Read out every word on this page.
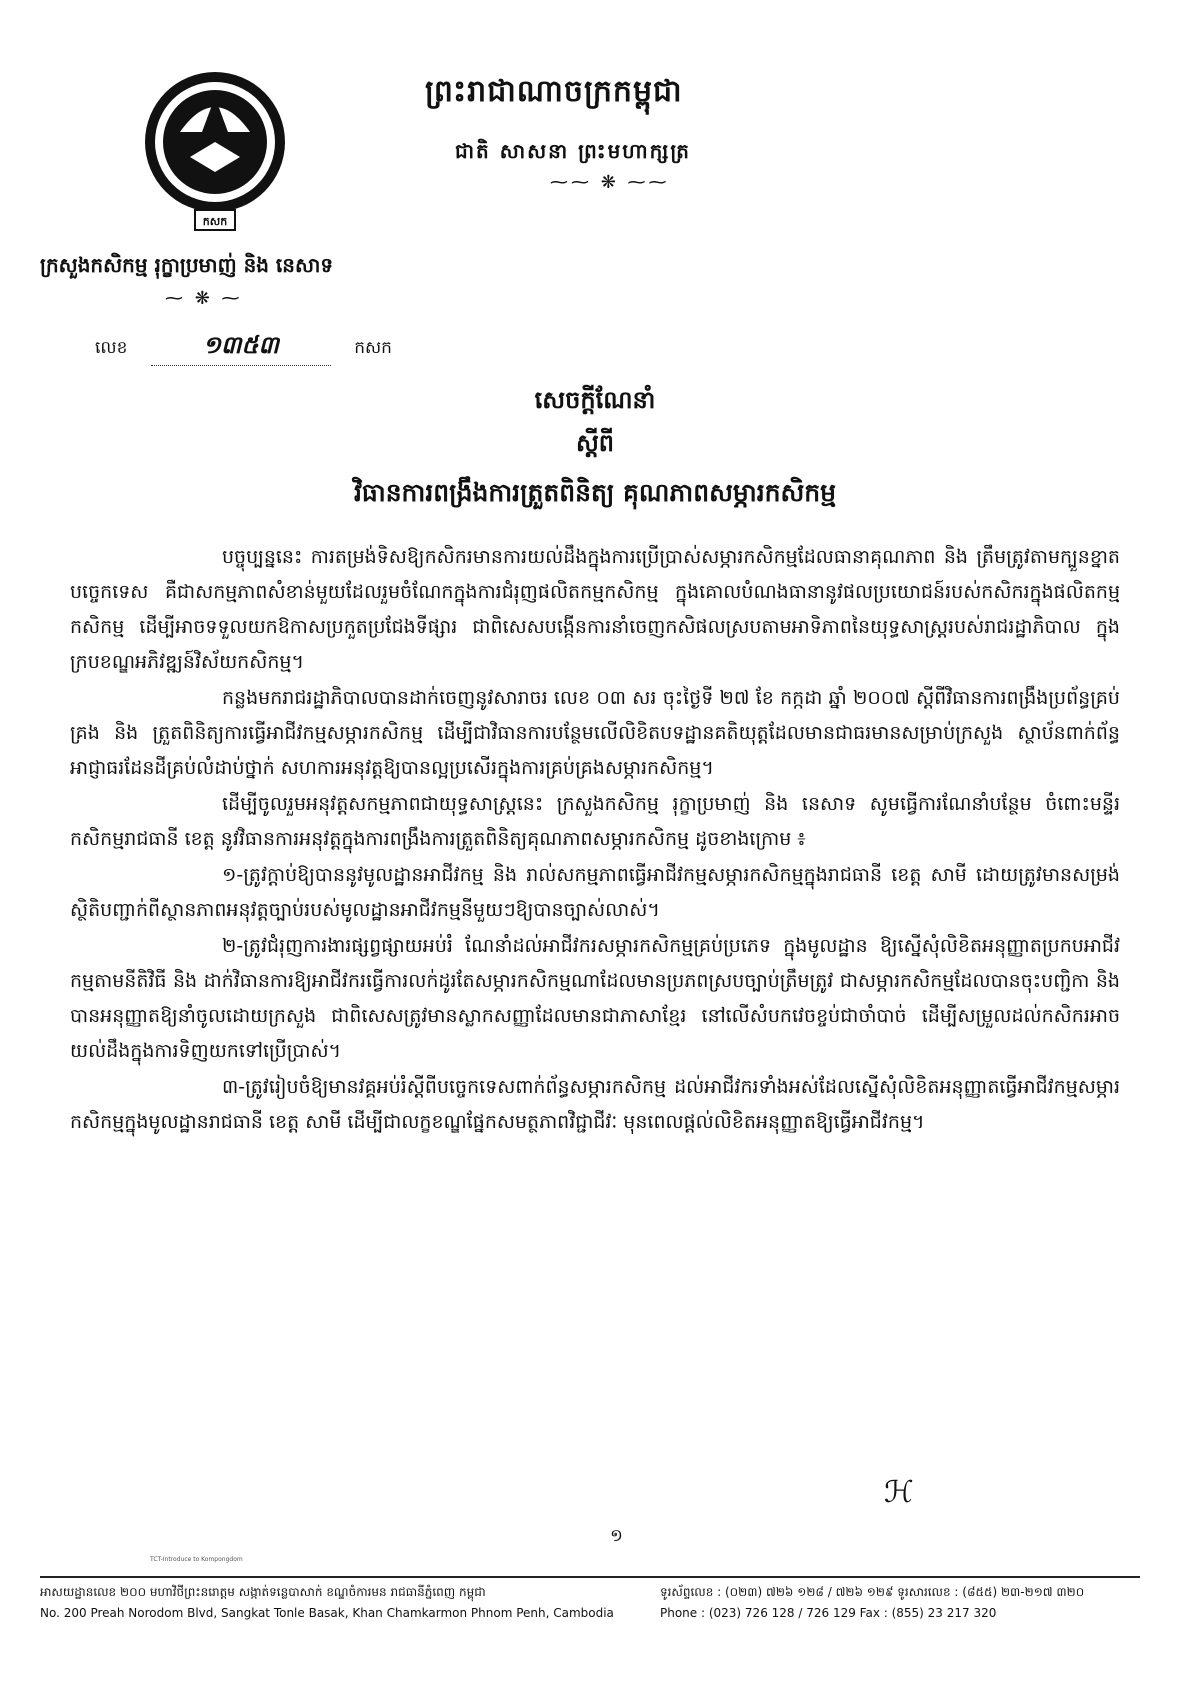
កសក
ព្រះរាជាណាចក្រកម្ពុជា
ជាតិ សាសនា ព្រះមហាក្សត្រ
⁓⁓ ❋ ⁓⁓
ក្រសួងកសិកម្ម រុក្ខាប្រមាញ់ និង នេសាទ
⁓ ❋ ⁓
លេខ	១៣៥៣	កសក
សេចក្តីណែនាំ
ស្តីពី
វិធានការពង្រឹងការត្រួតពិនិត្យ គុណភាពសម្ភារកសិកម្ម

បច្ចុប្បន្ននេះ ការតម្រង់ទិសឱ្យកសិករមានការយល់ដឹងក្នុងការប្រើប្រាស់សម្ភារកសិកម្មដែលធានាគុណភាព និង ត្រឹមត្រូវតាមក្បួនខ្នាតបច្ចេកទេស គឺជាសកម្មភាពសំខាន់មួយដែលរួមចំណែកក្នុងការជំរុញផលិតកម្មកសិកម្ម ក្នុងគោលបំណងធានានូវផលប្រយោជន៍របស់កសិករក្នុងផលិតកម្មកសិកម្ម ដើម្បីអាចទទួលយកឱកាសប្រកួតប្រជែងទីផ្សារ ជាពិសេសបង្កើនការនាំចេញកសិផលស្របតាមអាទិភាពនៃយុទ្ធសាស្ត្ររបស់រាជរដ្ឋាភិបាល ក្នុងក្របខណ្ឌអភិវឌ្ឍន៍វិស័យកសិកម្ម។

កន្លងមករាជរដ្ឋាភិបាលបានដាក់ចេញនូវសារាចរ លេខ ០៣ សរ ចុះថ្ងៃទី ២៧ ខែ កក្កដា ឆ្នាំ ២០០៧ ស្តីពីវិធានការពង្រឹងប្រព័ន្ធគ្រប់គ្រង និង ត្រួតពិនិត្យការធ្វើអាជីវកម្មសម្ភារកសិកម្ម ដើម្បីជាវិធានការបន្ថែមលើលិខិតបទដ្ឋានគតិយុត្តដែលមានជាធរមានសម្រាប់ក្រសួង ស្ថាប័នពាក់ព័ន្ធ អាជ្ញាធរដែនដីគ្រប់លំដាប់ថ្នាក់ សហការអនុវត្តឱ្យបានល្អប្រសើរក្នុងការគ្រប់គ្រងសម្ភារកសិកម្ម។

ដើម្បីចូលរួមអនុវត្តសកម្មភាពជាយុទ្ធសាស្ត្រនេះ ក្រសួងកសិកម្ម រុក្ខាប្រមាញ់ និង នេសាទ សូមធ្វើការណែនាំបន្ថែម ចំពោះមន្ទីរកសិកម្មរាជធានី ខេត្ត នូវវិធានការអនុវត្តក្នុងការពង្រឹងការត្រួតពិនិត្យគុណភាពសម្ភារកសិកម្ម ដូចខាងក្រោម ៖

១-ត្រូវក្តាប់ឱ្យបាននូវមូលដ្ឋានអាជីវកម្ម និង រាល់សកម្មភាពធ្វើអាជីវកម្មសម្ភារកសិកម្មក្នុងរាជធានី ខេត្ត សាមី ដោយត្រូវមានសម្រង់ស្ថិតិបញ្ជាក់ពីស្ថានភាពអនុវត្តច្បាប់របស់មូលដ្ឋានអាជីវកម្មនីមួយៗឱ្យបានច្បាស់លាស់។

២-ត្រូវជំរុញការងារផ្សព្វផ្សាយអប់រំ ណែនាំដល់អាជីវករសម្ភារកសិកម្មគ្រប់ប្រភេទ ក្នុងមូលដ្ឋាន ឱ្យស្នើសុំលិខិតអនុញ្ញាតប្រកបអាជីវកម្មតាមនីតិវិធី និង ដាក់វិធានការឱ្យអាជីវករធ្វើការលក់ដូរតែសម្ភារកសិកម្មណាដែលមានប្រភពស្របច្បាប់ត្រឹមត្រូវ ជាសម្ភារកសិកម្មដែលបានចុះបញ្ជិកា និង បានអនុញ្ញាតឱ្យនាំចូលដោយក្រសួង ជាពិសេសត្រូវមានស្លាកសញ្ញាដែលមានជាភាសាខ្មែរ នៅលើសំបកវេចខ្ចប់ជាចាំបាច់ ដើម្បីសម្រួលដល់កសិករអាចយល់ដឹងក្នុងការទិញយកទៅប្រើប្រាស់។

៣-ត្រូវរៀបចំឱ្យមានវគ្គអប់រំស្តីពីបច្ចេកទេសពាក់ព័ន្ធសម្ភារកសិកម្ម ដល់អាជីវករទាំងអស់ដែលស្នើសុំលិខិតអនុញ្ញាតធ្វើអាជីវកម្មសម្ភារកសិកម្មក្នុងមូលដ្ឋានរាជធានី ខេត្ត សាមី ដើម្បីជាលក្ខខណ្ឌផ្នែកសមត្ថភាពវិជ្ជាជីវៈ មុនពេលផ្តល់លិខិតអនុញ្ញាតឱ្យធ្វើអាជីវកម្ម។

ℋ
TCT-Introduce to Kompongdom
១
អាសយដ្ឋានលេខ ២០០ មហាវិថីព្រះនរោត្តម សង្កាត់ទន្លេបាសាក់ ខណ្ឌចំការមន រាជធានីភ្នំពេញ កម្ពុជា
No. 200 Preah Norodom Blvd, Sangkat Tonle Basak, Khan Chamkarmon Phnom Penh, Cambodia
ទូរស័ព្ទលេខ : (០២៣) ៧២៦ ១២៨ / ៧២៦ ១២៩ ទូរសារលេខ : (៨៥៥) ២៣-២១៧ ៣២០
Phone : (023) 726 128 / 726 129 Fax : (855) 23 217 320
